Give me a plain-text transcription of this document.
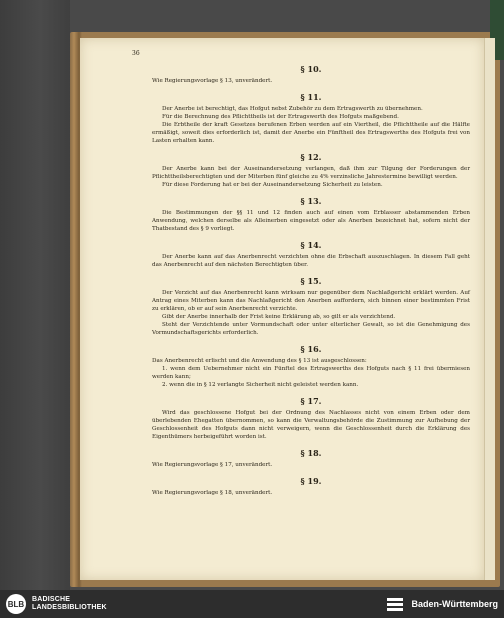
36
§ 10.

Wie Regierungsvorlage § 13, unverändert.

§ 11.

Der Anerbe ist berechtigt, das Hofgut nebst Zubehör zu dem Ertragswerth zu übernehmen.

Für die Berechnung des Pflichttheils ist der Ertragswerth des Hofguts maßgebend.

Die Erbtheile der kraft Gesetzes berufenen Erben werden auf ein Viertheil, die Pflichttheile auf die Hälfte ermäßigt, soweit dies erforderlich ist, damit der Anerbe ein Fünftheil des Ertragswerths des Hofguts frei von Lasten erhalten kann.

§ 12.

Der Anerbe kann bei der Auseinandersetzung verlangen, daß ihm zur Tilgung der Forderungen der Pflichttheilsberechtigten und der Miterben fünf gleiche zu 4% verzinsliche Jahrestermine bewilligt werden.

Für diese Forderung hat er bei der Auseinandersetzung Sicherheit zu leisten.

§ 13.

Die Bestimmungen der §§ 11 und 12 finden auch auf einen vom Erblasser abstammenden Erben Anwendung, welchen derselbe als Alleinerben eingesetzt oder als Anerben bezeichnet hat, sofern nicht der Thatbestand des § 9 vorliegt.

§ 14.

Der Anerbe kann auf das Anerbenrecht verzichten ohne die Erbschaft auszuschlagen. In diesem Fall geht das Anerbenrecht auf den nächsten Berechtigten über.

§ 15.

Der Verzicht auf das Anerbenrecht kann wirksam nur gegenüber dem Nachlaßgericht erklärt werden. Auf Antrag eines Miterben kann das Nachlaßgericht den Anerben auffordern, sich binnen einer bestimmten Frist zu erklären, ob er auf sein Anerbenrecht verzichte.

Gibt der Anerbe innerhalb der Frist keine Erklärung ab, so gilt er als verzichtend.

Steht der Verzichtende unter Vormundschaft oder unter elterlicher Gewalt, so ist die Genehmigung des Vormundschaftsgerichts erforderlich.

§ 16.

Das Anerbenrecht erlischt und die Anwendung des § 13 ist ausgeschlossen:

1. wenn dem Uebernehmer nicht ein Fünftel des Ertragswerths des Hofguts nach § 11 frei übermiesen werden kann;

2. wenn die in § 12 verlangte Sicherheit nicht geleistet werden kann.

§ 17.

Wird das geschlossene Hofgut bei der Ordnung des Nachlasses nicht von einem Erben oder dem überlebenden Ehegatten übernommen, so kann die Verwaltungsbehörde die Zustimmung zur Aufhebung der Geschlossenheit des Hofguts dann nicht verweigern, wenn die Geschlossenheit durch die Erklärung des Eigenthümers herbeigeführt worden ist.

§ 18.

Wie Regierungsvorlage § 17, unverändert.

§ 19.

Wie Regierungsvorlage § 18, unverändert.

BLB BADISCHE
LANDESBIBLIOTHEK	Baden-Württemberg
